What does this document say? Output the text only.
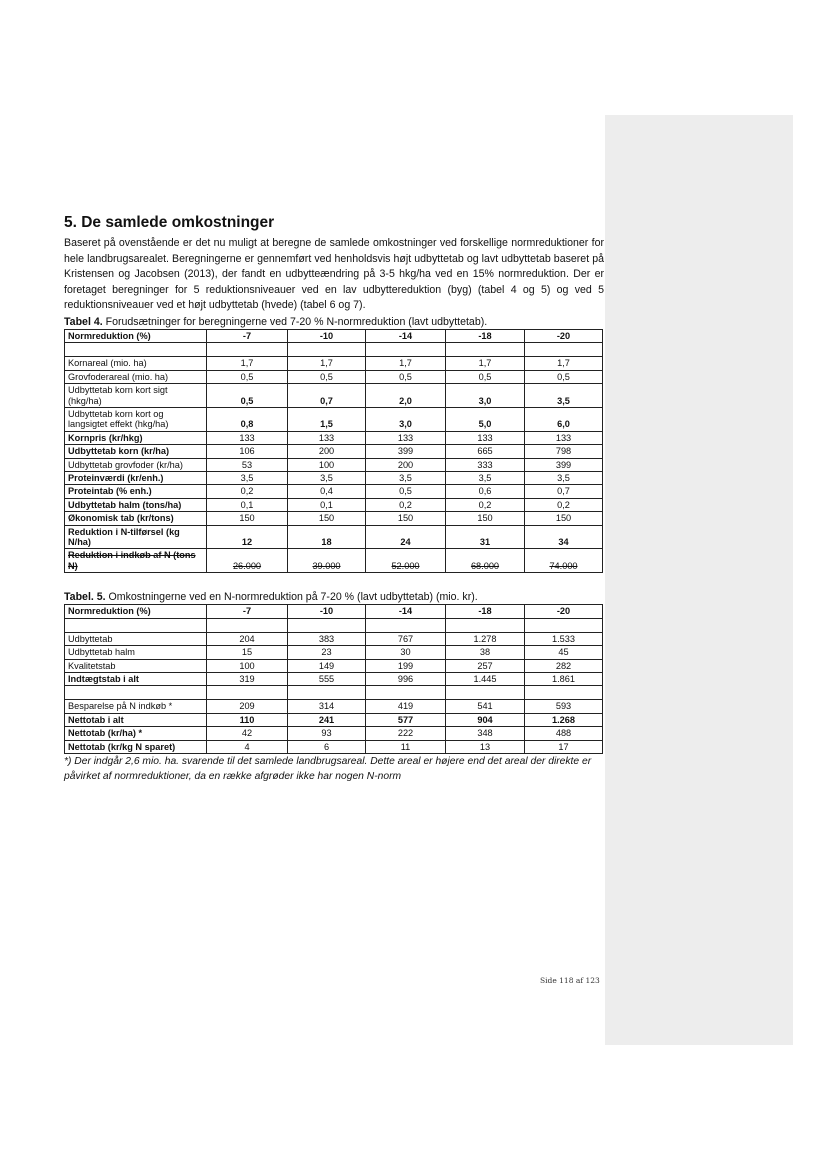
5. De samlede omkostninger

Baseret på ovenstående er det nu muligt at beregne de samlede omkostninger ved forskellige normreduktioner for hele landbrugsarealet. Beregningerne er gennemført ved henholdsvis højt udbyttetab og lavt udbyttetab baseret på Kristensen og Jacobsen (2013), der fandt en udbytteændring på 3-5 hkg/ha ved en 15% normreduktion. Der er foretaget beregninger for 5 reduktionsniveauer ved en lav udbyttereduktion (byg) (tabel 4 og 5) og ved 5 reduktionsniveauer ved et højt udbyttetab (hvede) (tabel 6 og 7).

Tabel 4. Forudsætninger for beregningerne ved 7-20 % N-normreduktion (lavt udbyttetab).

Normreduktion (%)	-7	-10	-14	-18	-20

Kornareal (mio. ha)	1,7	1,7	1,7	1,7	1,7
Grovfoderareal (mio. ha)	0,5	0,5	0,5	0,5	0,5
Udbyttetab korn kort sigt (hkg/ha)	0,5	0,7	2,0	3,0	3,5
Udbyttetab korn kort og langsigtet effekt (hkg/ha)	0,8	1,5	3,0	5,0	6,0
Kornpris (kr/hkg)	133	133	133	133	133
Udbyttetab korn (kr/ha)	106	200	399	665	798
Udbyttetab grovfoder (kr/ha)	53	100	200	333	399
Proteinværdi (kr/enh.)	3,5	3,5	3,5	3,5	3,5
Proteintab (% enh.)	0,2	0,4	0,5	0,6	0,7
Udbyttetab halm (tons/ha)	0,1	0,1	0,2	0,2	0,2
Økonomisk tab (kr/tons)	150	150	150	150	150
Reduktion i N-tilførsel (kg N/ha)	12	18	24	31	34
Reduktion i indkøb af N (tons N)	26.000	39.000	52.000	68.000	74.000

Tabel. 5. Omkostningerne ved en N-normreduktion på 7-20 % (lavt udbyttetab) (mio. kr).

Normreduktion (%)	-7	-10	-14	-18	-20

Udbyttetab	204	383	767	1.278	1.533
Udbyttetab halm	15	23	30	38	45
Kvalitetstab	100	149	199	257	282
Indtægtstab i alt	319	555	996	1.445	1.861

Besparelse på N indkøb *	209	314	419	541	593
Nettotab i alt	110	241	577	904	1.268
Nettotab (kr/ha) *	42	93	222	348	488
Nettotab (kr/kg N sparet)	4	6	11	13	17

*) Der indgår 2,6 mio. ha. svarende til det samlede landbrugsareal. Dette areal er højere end det areal der direkte er påvirket af normreduktioner, da en række afgrøder ikke har nogen N-norm

Side 118 af 123
